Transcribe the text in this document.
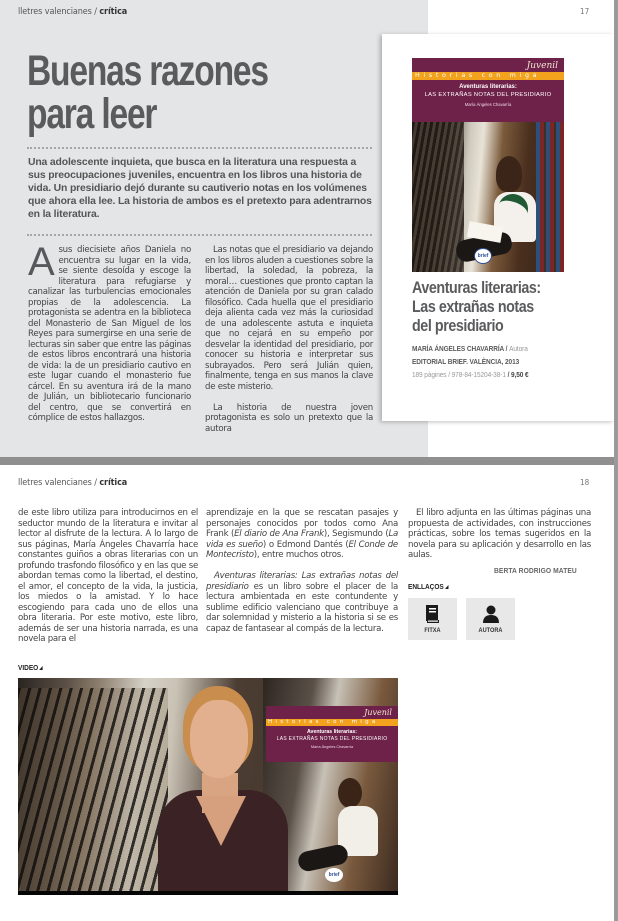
lletres valencianes / crítica	17
Buenas razones
para leer
Una adolescente inquieta, que busca en la literatura una respuesta a sus preocupaciones juveniles, encuentra en los libros una historia de vida. Un presidiario dejó durante su cautiverio notas en los volúmenes que ahora ella lee. La historia de ambos es el pretexto para adentrarnos en la literatura.

Asus diecisiete años Daniela no encuentra su lugar en la vida, se siente desoída y escoge la literatura para refugiarse y canalizar las turbulencias emocionales propias de la adolescencia. La protagonista se adentra en la biblioteca del Monasterio de San Miguel de los Reyes para sumergirse en una serie de lecturas sin saber que entre las páginas de estos libros encontrará una historia de vida: la de un presidiario cautivo en este lugar cuando el monasterio fue cárcel. En su aventura irá de la mano de Julián, un bibliotecario funcionario del centro, que se convertirá en cómplice de estos hallazgos.

Las notas que el presidiario va dejando en los libros aluden a cuestiones sobre la libertad, la soledad, la pobreza, la moral… cuestiones que pronto captan la atención de Daniela por su gran calado filosófico. Cada huella que el presidiario deja alienta cada vez más la curiosidad de una adolescente astuta e inquieta que no cejará en su empeño por desvelar la identidad del presidiario, por conocer su historia e interpretar sus subrayados. Pero será Julián quien, finalmente, tenga en sus manos la clave de este misterio.

La historia de nuestra joven protagonista es solo un pretexto que la autora

brief
Juvenil
Historias con miga
Aventuras literarias:
LAS EXTRAÑAS NOTAS DEL PRESIDIARIO
María Ángeles Chavarría
Aventuras literarias:
Las extrañas notas
del presidiario
MARÍA ÁNGELES CHAVARRÍA / Autora
EDITORIAL BRIEF. VALÈNCIA, 2013
189 pàgines / 978-84-15204-38-1 / 9,50 €
lletres valencianes / crítica	18

de este libro utiliza para introducirnos en el seductor mundo de la literatura e invitar al lector al disfrute de la lectura. A lo largo de sus páginas, María Ángeles Chavarría hace constantes guiños a obras literarias con un profundo trasfondo filosófico y en las que se abordan temas como la libertad, el destino, el amor, el concepto de la vida, la justicia, los miedos o la amistad. Y lo hace escogiendo para cada uno de ellos una obra literaria. Por este motivo, este libro, además de ser una historia narrada, es una novela para el

aprendizaje en la que se rescatan pasajes y personajes conocidos por todos como Ana Frank (El diario de Ana Frank), Segismundo (La vida es sueño) o Edmond Dantés (El Conde de Montecristo), entre muchos otros.

Aventuras literarias: Las extrañas notas del presidiario es un libro sobre el placer de la lectura ambientada en este contundente y sublime edificio valenciano que contribuye a dar solemnidad y misterio a la historia si se es capaz de fantasear al compás de la lectura.

El libro adjunta en las últimas páginas una propuesta de actividades, con instrucciones prácticas, sobre los temas sugeridos en la novela para su aplicación y desarrollo en las aulas.

BERTA RODRIGO MATEU
ENLLAÇOS
FITXA	AUTORA
VIDEO
brief
Juvenil
Historias con miga
Aventuras literarias:
LAS EXTRAÑAS NOTAS DEL PRESIDIARIO
María Ángeles Chavarría
